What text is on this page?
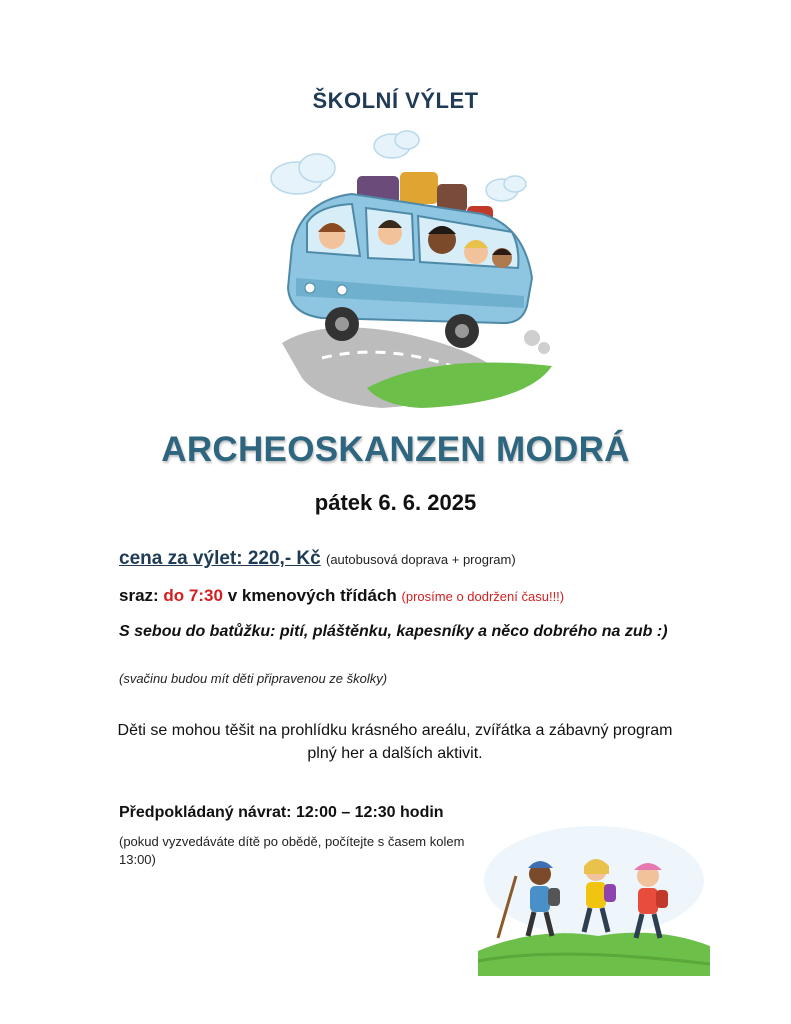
ŠKOLNÍ VÝLET
ARCHEOSKANZEN MODRÁ
pátek 6. 6. 2025
cena za výlet: 220,- Kč (autobusová doprava + program)
sraz: do 7:30 v kmenových třídách (prosíme o dodržení času!!!)
S sebou do batůžku: pití, pláštěnku, kapesníky a něco dobrého na zub :)
(svačinu budou mít děti připravenou ze školky)
Děti se mohou těšit na prohlídku krásného areálu, zvířátka a zábavný program plný her a dalších aktivit.
Předpokládaný návrat: 12:00 – 12:30 hodin
(pokud vyzvedáváte dítě po obědě, počítejte s časem kolem 13:00)
